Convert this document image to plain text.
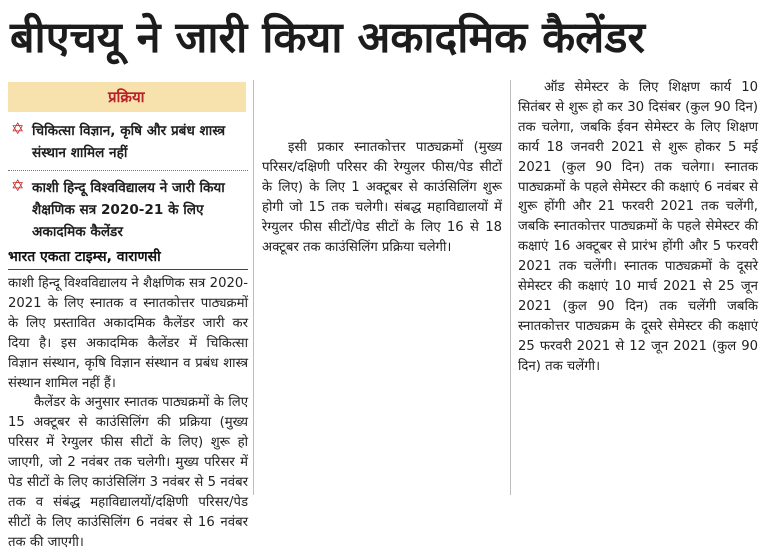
बीएचयू ने जारी किया अकादमिक कैलेंडर
प्रक्रिया
✡ चिकित्सा विज्ञान, कृषि और प्रबंध शास्त्र संस्थान शामिल नहीं
✡ काशी हिन्दू विश्वविद्यालय ने जारी किया शैक्षणिक सत्र 2020-21 के लिए अकादमिक कैलेंडर
भारत एकता टाइम्स, वाराणसी

काशी हिन्दू विश्वविद्यालय ने शैक्षणिक सत्र 2020-2021 के लिए स्नातक व स्नातकोत्तर पाठ्यक्रमों के लिए प्रस्तावित अकादमिक कैलेंडर जारी कर दिया है। इस अकादमिक कैलेंडर में चिकित्सा विज्ञान संस्थान, कृषि विज्ञान संस्थान व प्रबंध शास्त्र संस्थान शामिल नहीं हैं।

कैलेंडर के अनुसार स्नातक पाठ्यक्रमों के लिए 15 अक्टूबर से काउंसिलिंग की प्रक्रिया (मुख्य परिसर में रेग्युलर फीस सीटों के लिए) शुरू हो जाएगी, जो 2 नवंबर तक चलेगी। मुख्य परिसर में पेड सीटों के लिए काउंसिलिंग 3 नवंबर से 5 नवंबर तक व संबंद्ध महाविद्यालयों/दक्षिणी परिसर/पेड सीटों के लिए काउंसिलिंग 6 नवंबर से 16 नवंबर तक की जाएगी।

इसी प्रकार स्नातकोत्तर पाठ्यक्रमों (मुख्य परिसर/दक्षिणी परिसर की रेग्युलर फीस/पेड सीटों के लिए) के लिए 1 अक्टूबर से काउंसिलिंग शुरू होगी जो 15 तक चलेगी। संबद्ध महाविद्यालयों में रेग्युलर फीस सीटों/पेड सीटों के लिए 16 से 18 अक्टूबर तक काउंसिलिंग प्रक्रिया चलेगी।

ऑड सेमेस्टर के लिए शिक्षण कार्य 10 सितंबर से शुरू हो कर 30 दिसंबर (कुल 90 दिन) तक चलेगा, जबकि ईवन सेमेस्टर के लिए शिक्षण कार्य 18 जनवरी 2021 से शुरू होकर 5 मई 2021 (कुल 90 दिन) तक चलेगा। स्नातक पाठ्यक्रमों के पहले सेमेस्टर की कक्षाएं 6 नवंबर से शुरू होंगी और 21 फरवरी 2021 तक चलेंगी, जबकि स्नातकोत्तर पाठ्यक्रमों के पहले सेमेस्टर की कक्षाएं 16 अक्टूबर से प्रारंभ होंगी और 5 फरवरी 2021 तक चलेंगी। स्नातक पाठ्यक्रमों के दूसरे सेमेस्टर की कक्षाएं 10 मार्च 2021 से 25 जून 2021 (कुल 90 दिन) तक चलेंगी जबकि स्नातकोत्तर पाठ्यक्रम के दूसरे सेमेस्टर की कक्षाएं 25 फरवरी 2021 से 12 जून 2021 (कुल 90 दिन) तक चलेंगी।
